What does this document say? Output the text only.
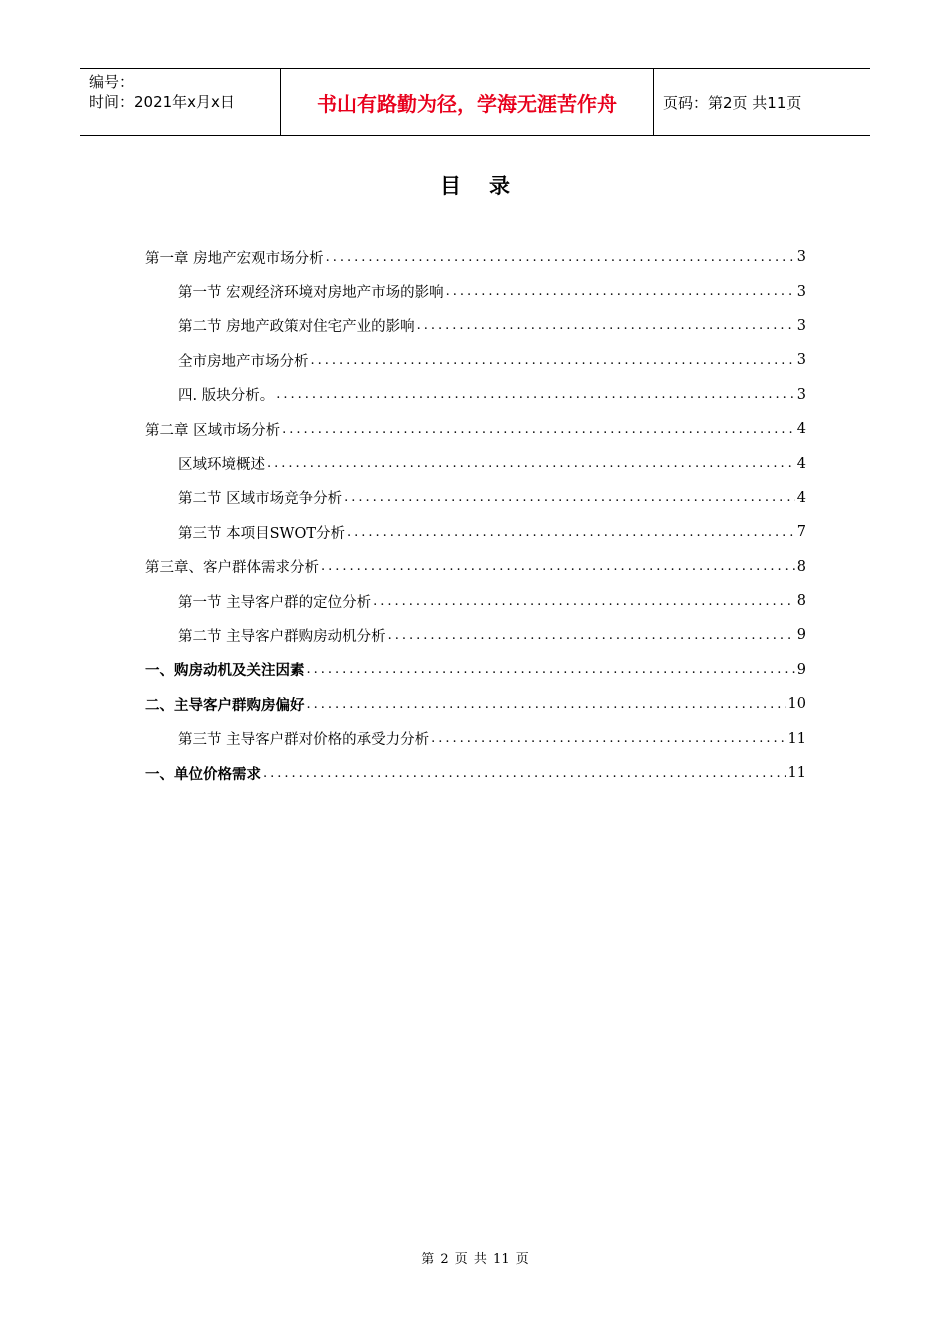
编号：
时间：2021年x月x日	书山有路勤为径，学海无涯苦作舟	页码：第2页 共11页
目录
第一章 房地产宏观市场分析 .....	3
第一节 宏观经济环境对房地产市场的影响 .....	3
第二节 房地产政策对住宅产业的影响 .....	3
全市房地产市场分析 .....	3
四. 版块分析。 .....	3
第二章 区域市场分析 .....	4
区域环境概述 .....	4
第二节 区域市场竞争分析 .....	4
第三节 本项目SWOT分析 .....	7
第三章、客户群体需求分析 .....	8
第一节 主导客户群的定位分析 .....	8
第二节 主导客户群购房动机分析 .....	9
一、购房动机及关注因素 .....	9
二、主导客户群购房偏好 .....	10
第三节 主导客户群对价格的承受力分析 .....	11
一、单位价格需求 .....	11
第 2 页 共 11 页
